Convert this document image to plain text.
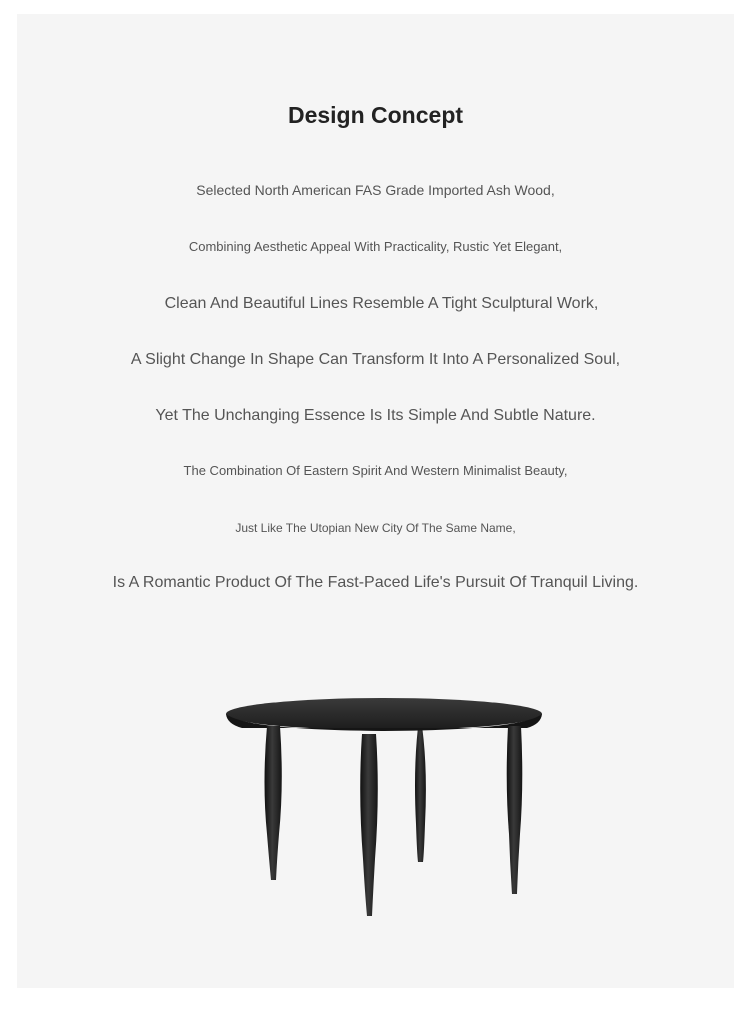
Design Concept
Selected North American FAS Grade Imported Ash Wood,
Combining Aesthetic Appeal With Practicality, Rustic Yet Elegant,
Clean And Beautiful Lines Resemble A Tight Sculptural Work,
A Slight Change In Shape Can Transform It Into A Personalized Soul,
Yet The Unchanging Essence Is Its Simple And Subtle Nature.
The Combination Of Eastern Spirit And Western Minimalist Beauty,
Just Like The Utopian New City Of The Same Name,
Is A Romantic Product Of The Fast-Paced Life's Pursuit Of Tranquil Living.
